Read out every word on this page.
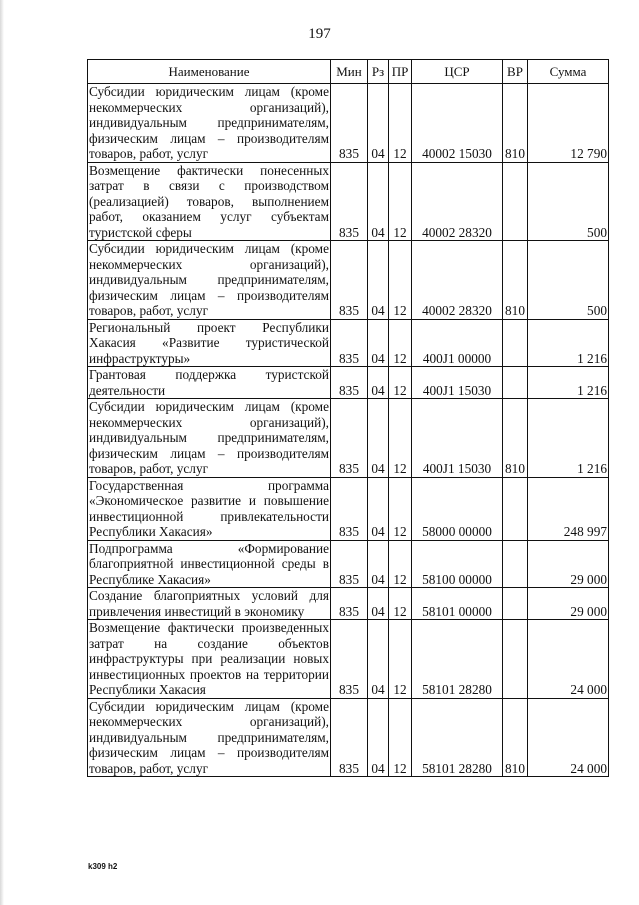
197
Наименование	Мин	Рз	ПР	ЦСР	ВР	Сумма
Субсидии юридическим лицам (кроме некоммерческих организаций), индивидуальным предпринимателям, физическим лицам – производителям товаров, работ, услуг	835	04	12	40002 15030	810	12 790
Возмещение фактически понесенных затрат в связи с производством (реализацией) товаров, выполнением работ, оказанием услуг субъектам туристской сферы	835	04	12	40002 28320		500
Субсидии юридическим лицам (кроме некоммерческих организаций), индивидуальным предпринимателям, физическим лицам – производителям товаров, работ, услуг	835	04	12	40002 28320	810	500
Региональный проект Республики Хакасия «Развитие туристической инфраструктуры»	835	04	12	400J1 00000		1 216
Грантовая поддержка туристской деятельности	835	04	12	400J1 15030		1 216
Субсидии юридическим лицам (кроме некоммерческих организаций), индивидуальным предпринимателям, физическим лицам – производителям товаров, работ, услуг	835	04	12	400J1 15030	810	1 216
Государственная программа «Экономическое развитие и повышение инвестиционной привлекательности Республики Хакасия»	835	04	12	58000 00000		248 997
Подпрограмма «Формирование благоприятной инвестиционной среды в Республике Хакасия»	835	04	12	58100 00000		29 000
Создание благоприятных условий для привлечения инвестиций в экономику	835	04	12	58101 00000		29 000
Возмещение фактически произведенных затрат на создание объектов инфраструктуры при реализации новых инвестиционных проектов на территории Республики Хакасия	835	04	12	58101 28280		24 000
Субсидии юридическим лицам (кроме некоммерческих организаций), индивидуальным предпринимателям, физическим лицам – производителям товаров, работ, услуг	835	04	12	58101 28280	810	24 000
k309 h2
